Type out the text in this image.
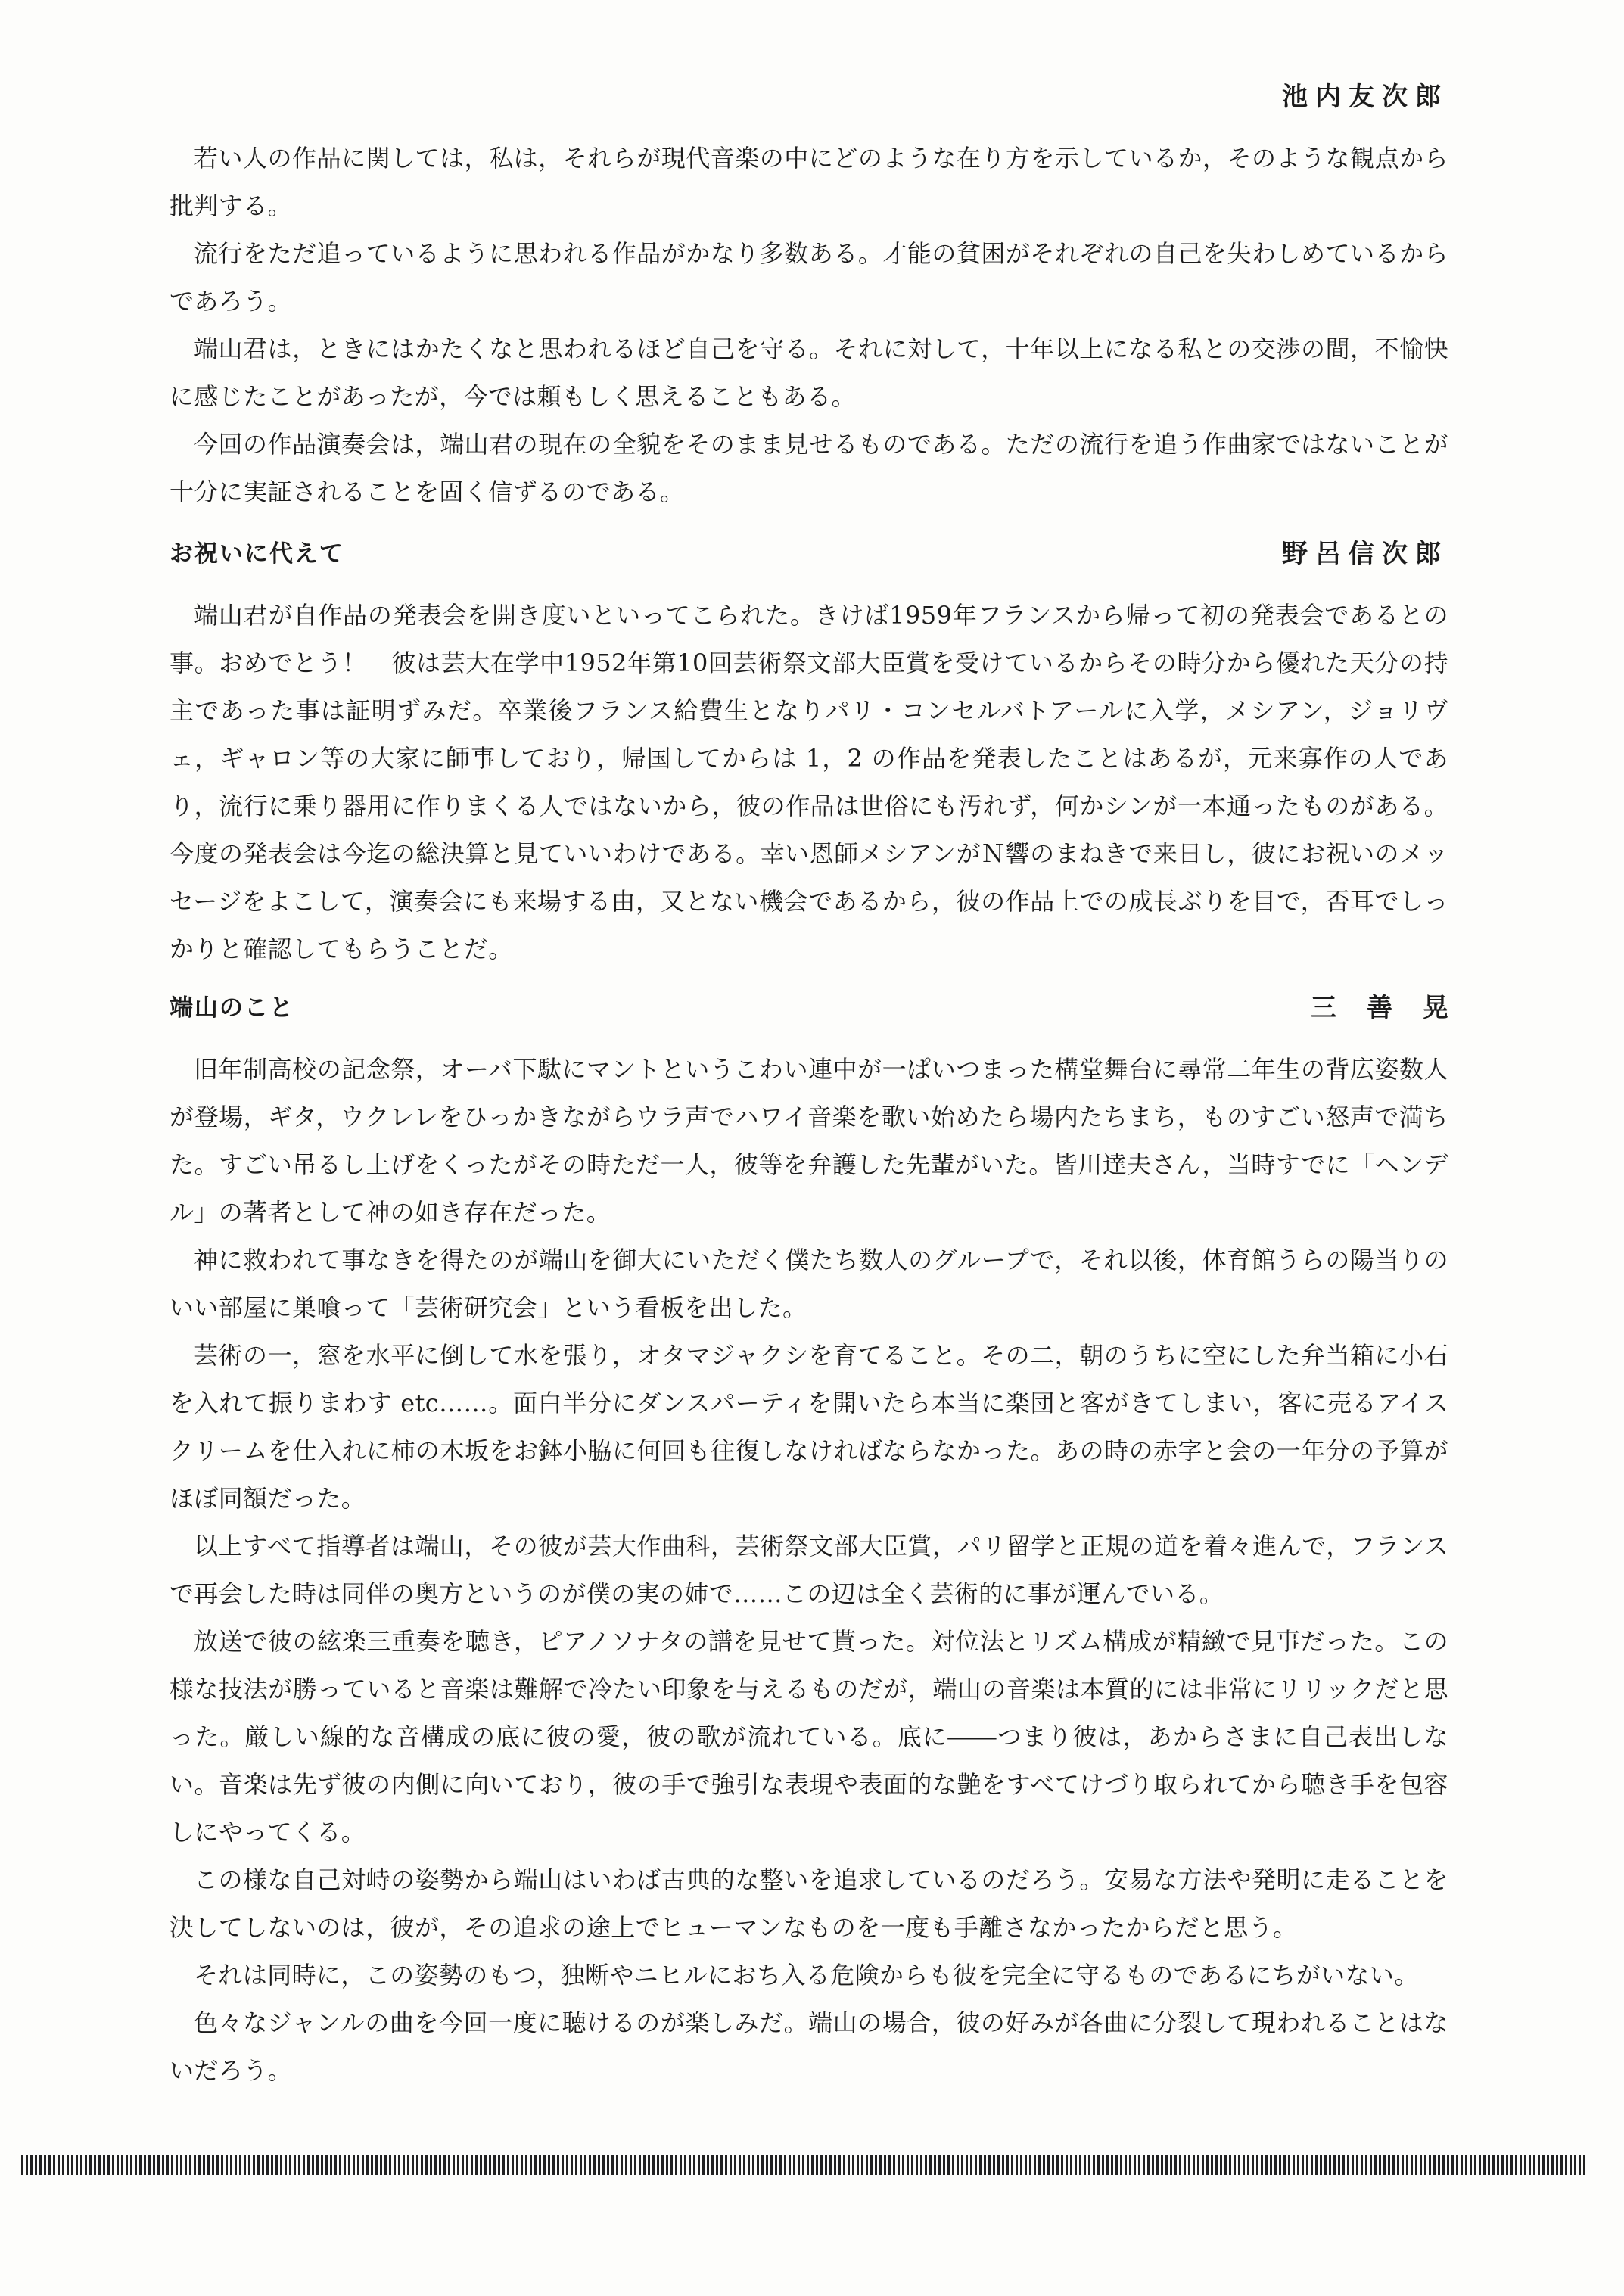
池内友次郎

若い人の作品に関しては，私は，それらが現代音楽の中にどのような在り方を示しているか，そのような観点から批判する。

流行をただ追っているように思われる作品がかなり多数ある。才能の貧困がそれぞれの自己を失わしめているからであろう。

端山君は，ときにはかたくなと思われるほど自己を守る。それに対して，十年以上になる私との交渉の間，不愉快に感じたことがあったが，今では頼もしく思えることもある。

今回の作品演奏会は，端山君の現在の全貌をそのまま見せるものである。ただの流行を追う作曲家ではないことが十分に実証されることを固く信ずるのである。

お祝いに代えて	野呂信次郎

端山君が自作品の発表会を開き度いといってこられた。きけば1959年フランスから帰って初の発表会であるとの事。おめでとう！　彼は芸大在学中1952年第10回芸術祭文部大臣賞を受けているからその時分から優れた天分の持主であった事は証明ずみだ。卒業後フランス給費生となりパリ・コンセルバトアールに入学，メシアン，ジョリヴェ，ギャロン等の大家に師事しており，帰国してからは 1，2 の作品を発表したことはあるが，元来寡作の人であり，流行に乗り器用に作りまくる人ではないから，彼の作品は世俗にも汚れず，何かシンが一本通ったものがある。今度の発表会は今迄の総決算と見ていいわけである。幸い恩師メシアンがＮ響のまねきで来日し，彼にお祝いのメッセージをよこして，演奏会にも来場する由，又とない機会であるから，彼の作品上での成長ぶりを目で，否耳でしっかりと確認してもらうことだ。

端山のこと	三善晃

旧年制高校の記念祭，オーバ下駄にマントというこわい連中が一ぱいつまった構堂舞台に尋常二年生の背広姿数人が登場，ギタ，ウクレレをひっかきながらウラ声でハワイ音楽を歌い始めたら場内たちまち，ものすごい怒声で満ちた。すごい吊るし上げをくったがその時ただ一人，彼等を弁護した先輩がいた。皆川達夫さん，当時すでに「ヘンデル」の著者として神の如き存在だった。

神に救われて事なきを得たのが端山を御大にいただく僕たち数人のグループで，それ以後，体育館うらの陽当りのいい部屋に巣喰って「芸術研究会」という看板を出した。

芸術の一，窓を水平に倒して水を張り，オタマジャクシを育てること。その二，朝のうちに空にした弁当箱に小石を入れて振りまわす etc……。面白半分にダンスパーティを開いたら本当に楽団と客がきてしまい，客に売るアイスクリームを仕入れに柿の木坂をお鉢小脇に何回も往復しなければならなかった。あの時の赤字と会の一年分の予算がほぼ同額だった。

以上すべて指導者は端山，その彼が芸大作曲科，芸術祭文部大臣賞，パリ留学と正規の道を着々進んで，フランスで再会した時は同伴の奥方というのが僕の実の姉で……この辺は全く芸術的に事が運んでいる。

放送で彼の絃楽三重奏を聴き，ピアノソナタの譜を見せて貰った。対位法とリズム構成が精緻で見事だった。この様な技法が勝っていると音楽は難解で冷たい印象を与えるものだが，端山の音楽は本質的には非常にリリックだと思った。厳しい線的な音構成の底に彼の愛，彼の歌が流れている。底に――つまり彼は，あからさまに自己表出しない。音楽は先ず彼の内側に向いており，彼の手で強引な表現や表面的な艶をすべてけづり取られてから聴き手を包容しにやってくる。

この様な自己対峙の姿勢から端山はいわば古典的な整いを追求しているのだろう。安易な方法や発明に走ることを決してしないのは，彼が，その追求の途上でヒューマンなものを一度も手離さなかったからだと思う。

それは同時に，この姿勢のもつ，独断やニヒルにおち入る危険からも彼を完全に守るものであるにちがいない。

色々なジャンルの曲を今回一度に聴けるのが楽しみだ。端山の場合，彼の好みが各曲に分裂して現われることはないだろう。
